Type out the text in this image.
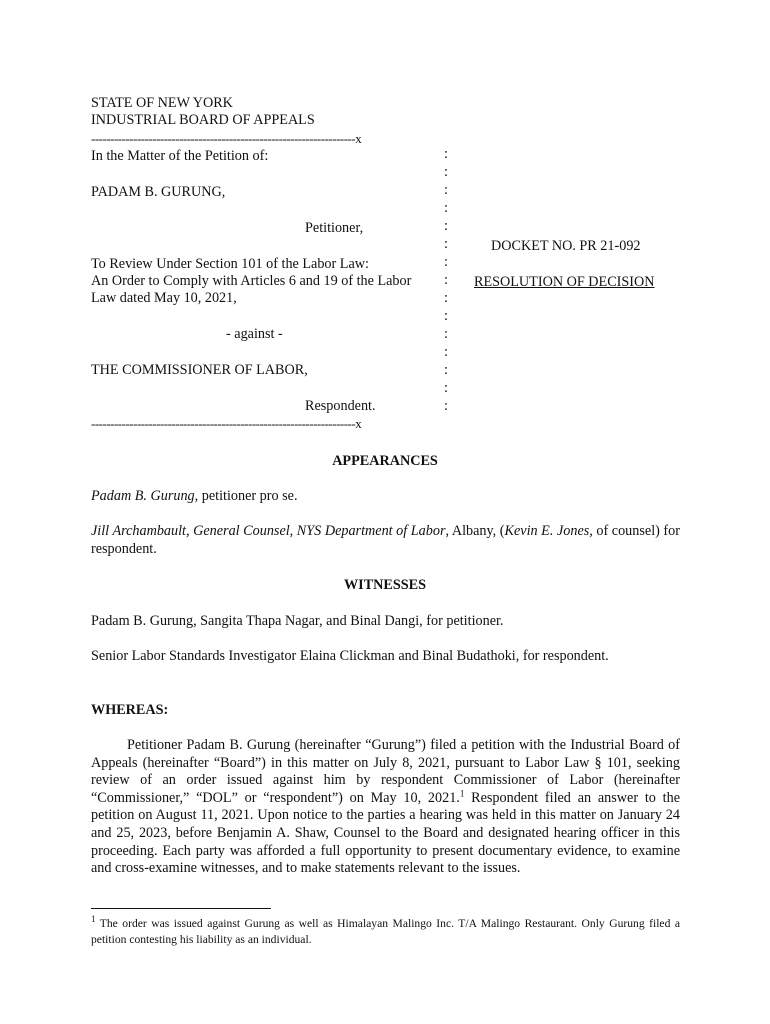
STATE OF NEW YORK
INDUSTRIAL BOARD OF APPEALS
---------------------------------------------------------------------x
In the Matter of the Petition of:
PADAM B. GURUNG,
Petitioner,
To Review Under Section 101 of the Labor Law:
An Order to Comply with Articles 6 and 19 of the Labor
Law dated May 10, 2021,
- against -
THE COMMISSIONER OF LABOR,
Respondent.
---------------------------------------------------------------------x
:
:
:
:
:
:
:
:
:
:
:
:
:
:
:
DOCKET NO. PR 21-092
RESOLUTION OF DECISION
APPEARANCES
Padam B. Gurung, petitioner pro se.
Jill Archambault, General Counsel, NYS Department of Labor, Albany, (Kevin E. Jones, of counsel) for respondent.
WITNESSES
Padam B. Gurung, Sangita Thapa Nagar, and Binal Dangi, for petitioner.
Senior Labor Standards Investigator Elaina Clickman and Binal Budathoki, for respondent.
WHEREAS:
Petitioner Padam B. Gurung (hereinafter “Gurung”) filed a petition with the Industrial Board of Appeals (hereinafter “Board”) in this matter on July 8, 2021, pursuant to Labor Law § 101, seeking review of an order issued against him by respondent Commissioner of Labor (hereinafter “Commissioner,” “DOL” or “respondent”) on May 10, 2021.$^1$ Respondent filed an answer to the petition on August 11, 2021. Upon notice to the parties a hearing was held in this matter on January 24 and 25, 2023, before Benjamin A. Shaw, Counsel to the Board and designated hearing officer in this proceeding. Each party was afforded a full opportunity to present documentary evidence, to examine and cross-examine witnesses, and to make statements relevant to the issues.
$^1$ The order was issued against Gurung as well as Himalayan Malingo Inc. T/A Malingo Restaurant. Only Gurung filed a petition contesting his liability as an individual.
